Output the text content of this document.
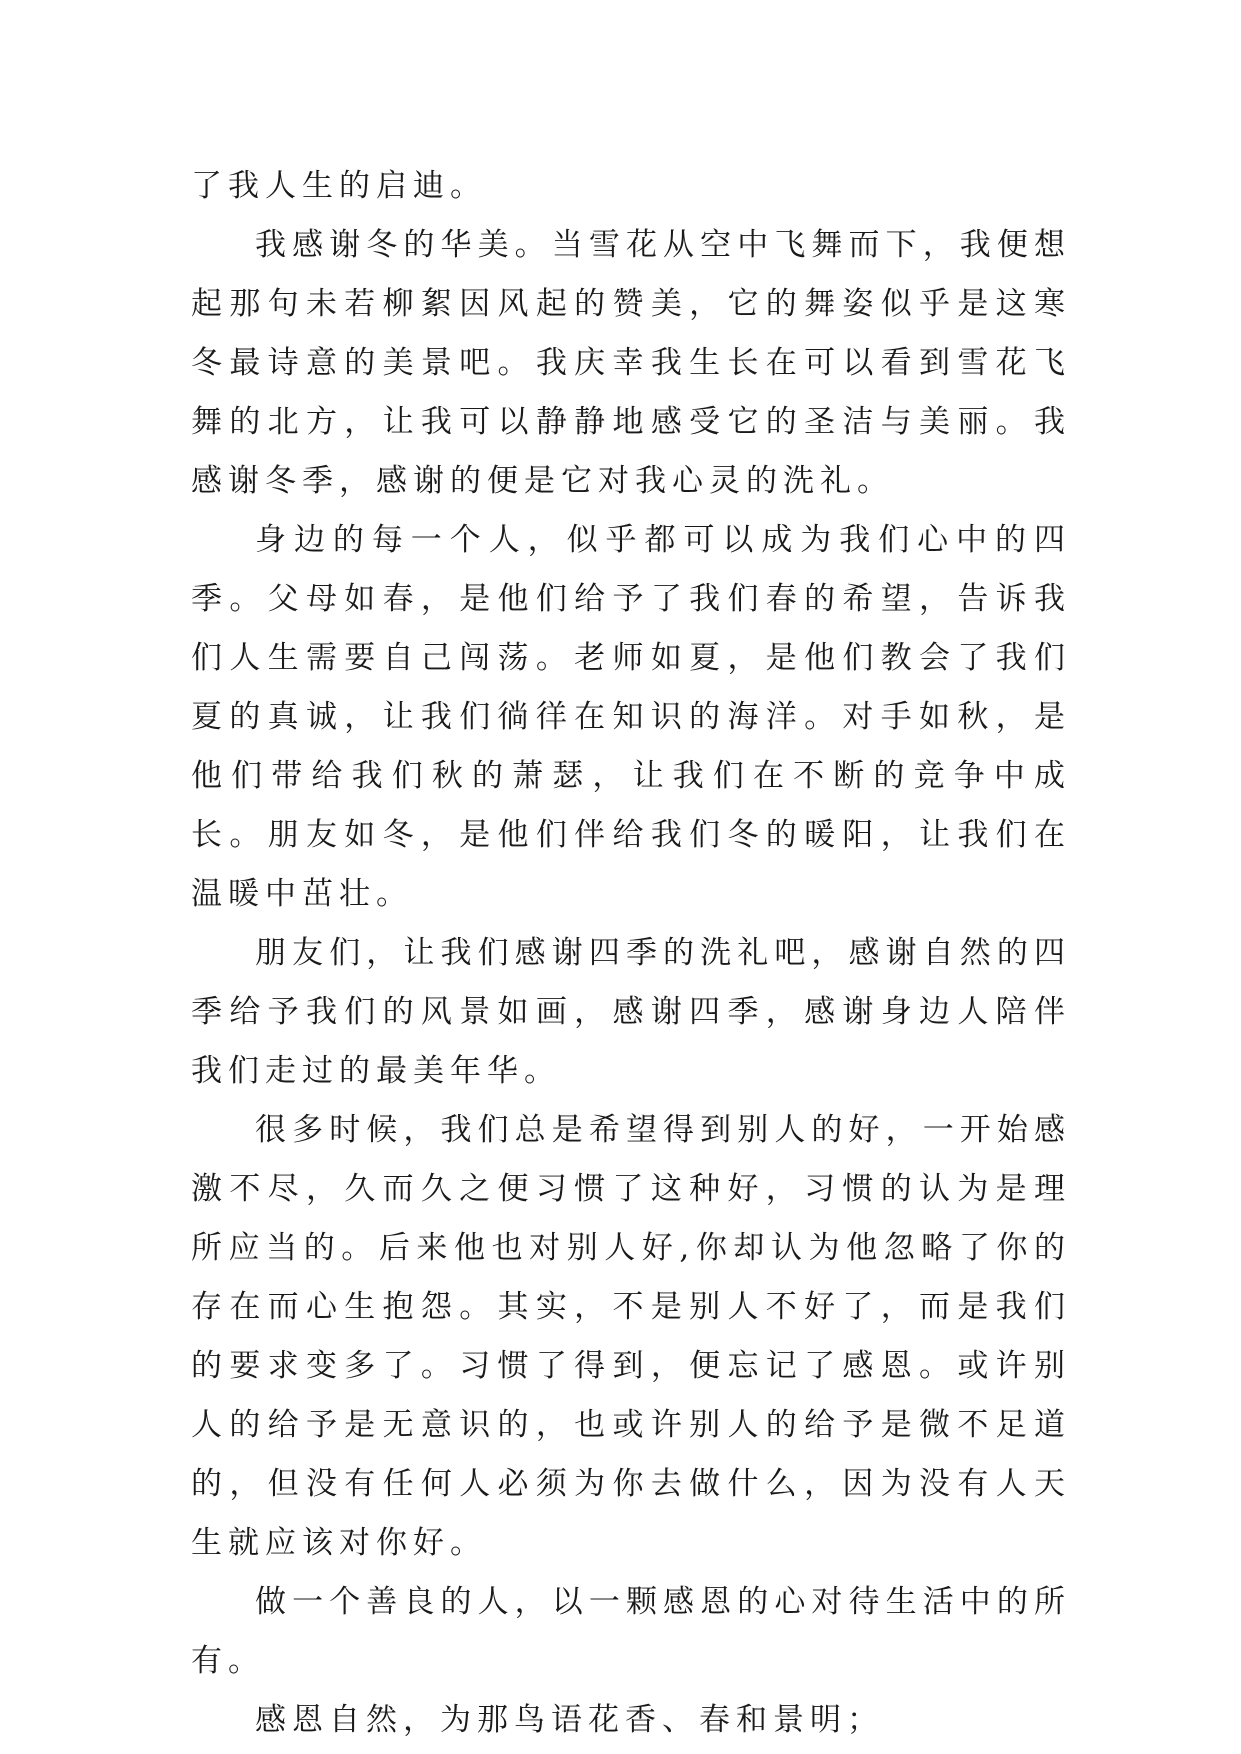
了我人生的启迪。

我感谢冬的华美。当雪花从空中飞舞而下，我便想起那句未若柳絮因风起的赞美，它的舞姿似乎是这寒冬最诗意的美景吧。我庆幸我生长在可以看到雪花飞舞的北方，让我可以静静地感受它的圣洁与美丽。我感谢冬季，感谢的便是它对我心灵的洗礼。

身边的每一个人，似乎都可以成为我们心中的四季。父母如春，是他们给予了我们春的希望，告诉我们人生需要自己闯荡。老师如夏，是他们教会了我们夏的真诚，让我们徜徉在知识的海洋。对手如秋，是他们带给我们秋的萧瑟，让我们在不断的竞争中成长。朋友如冬，是他们伴给我们冬的暖阳，让我们在温暖中茁壮。

朋友们，让我们感谢四季的洗礼吧，感谢自然的四季给予我们的风景如画，感谢四季，感谢身边人陪伴我们走过的最美年华。

很多时候，我们总是希望得到别人的好，一开始感激不尽，久而久之便习惯了这种好，习惯的认为是理所应当的。后来他也对别人好,你却认为他忽略了你的存在而心生抱怨。其实，不是别人不好了，而是我们的要求变多了。习惯了得到，便忘记了感恩。或许别人的给予是无意识的，也或许别人的给予是微不足道的，但没有任何人必须为你去做什么，因为没有人天生就应该对你好。

做一个善良的人，以一颗感恩的心对待生活中的所有。

感恩自然，为那鸟语花香、春和景明；
